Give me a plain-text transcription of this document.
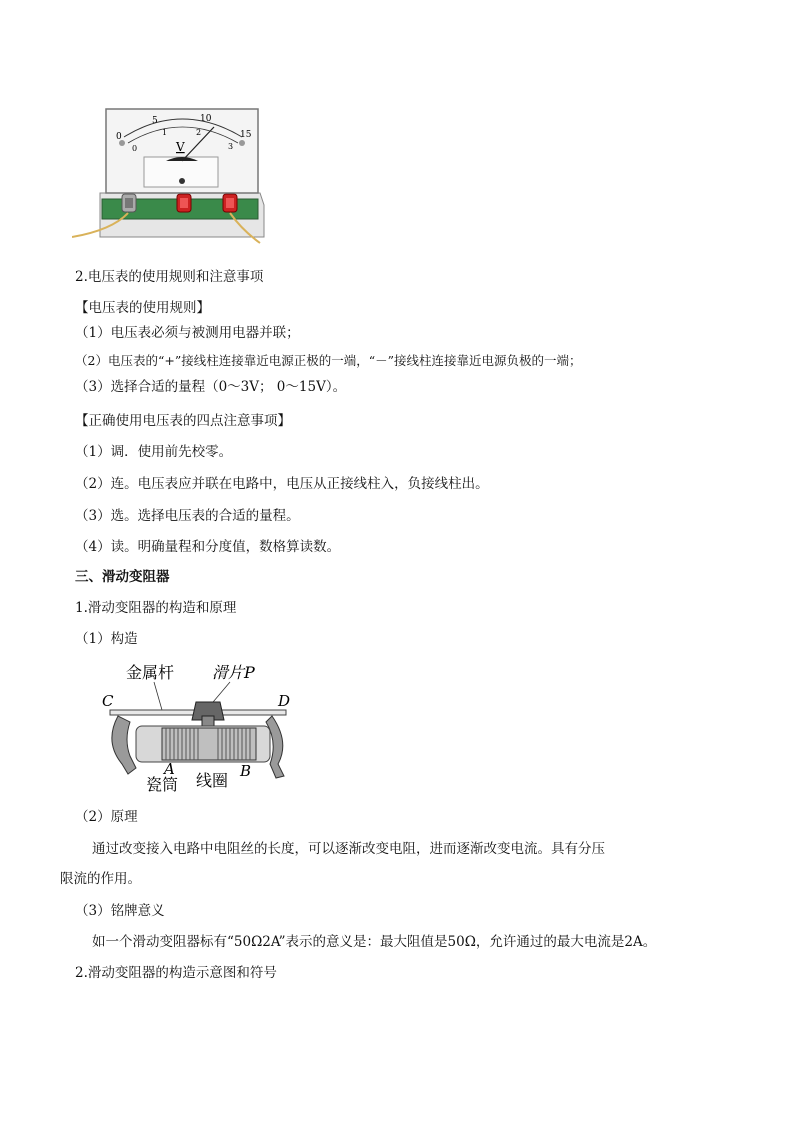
0
5	10
15
0
1	2
3
V
2.电压表的使用规则和注意事项
【电压表的使用规则】
（1）电压表必须与被测用电器并联；
（2）电压表的“+”接线柱连接靠近电源正极的一端，“－”接线柱连接靠近电源负极的一端；
（3）选择合适的量程（0～3V； 0～15V）。
【正确使用电压表的四点注意事项】
（1）调．使用前先校零。
（2）连。电压表应并联在电路中，电压从正接线柱入，负接线柱出。
（3）选。选择电压表的合适的量程。
（4）读。明确量程和分度值，数格算读数。
三、滑动变阻器
1.滑动变阻器的构造和原理
（1）构造
金属杆 滑片P
C	D
A	B
瓷筒 线圈
（2）原理
通过改变接入电路中电阻丝的长度，可以逐渐改变电阻，进而逐渐改变电流。具有分压
限流的作用。
（3）铭牌意义
如一个滑动变阻器标有“50Ω2A”表示的意义是：最大阻值是50Ω，允许通过的最大电流是2A。
2.滑动变阻器的构造示意图和符号
